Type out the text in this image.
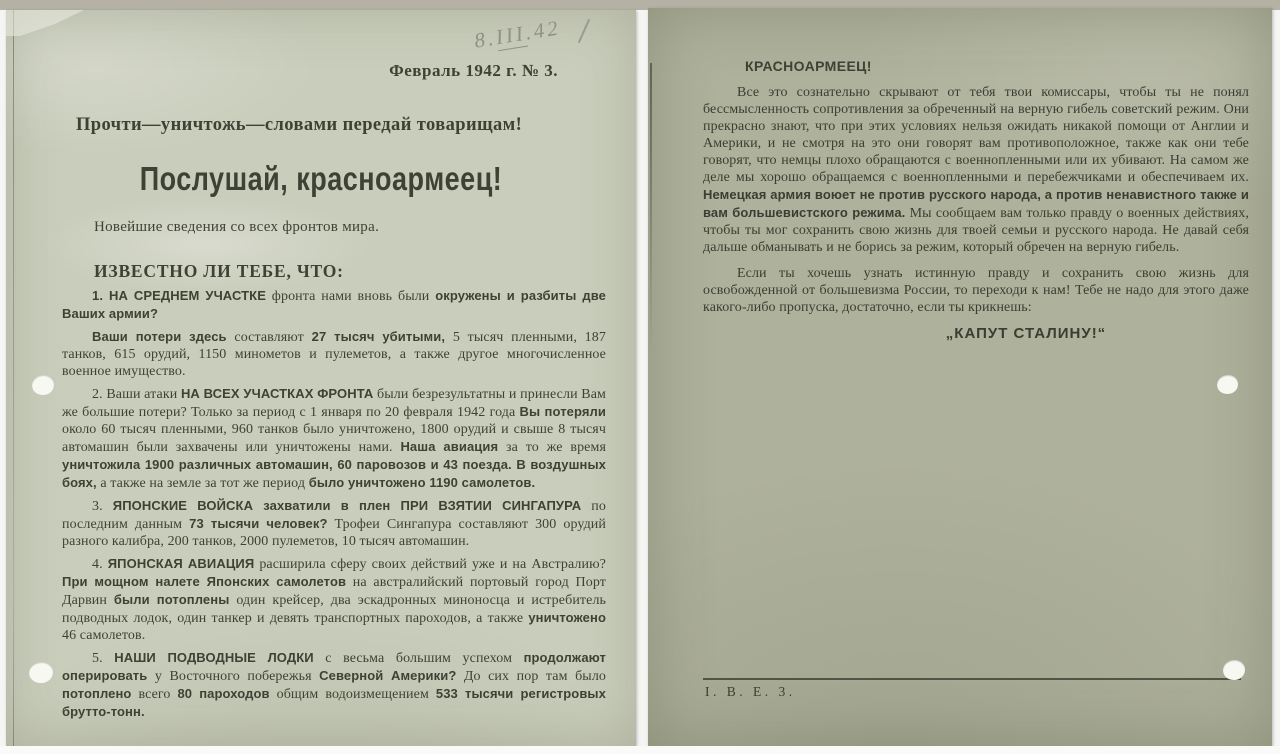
8.III.42
Февраль 1942 г. № 3.
Прочти—уничтожь—словами передай товарищам!
Послушай, красноармеец!
Новейшие сведения со всех фронтов мира.
ИЗВЕСТНО ЛИ ТЕБЕ, ЧТО:

1. НА СРЕДНЕМ УЧАСТКЕ фронта нами вновь были окружены и разбиты две Ваших армии?

Ваши потери здесь составляют 27 тысяч убитыми, 5 тысяч пленными, 187 танков, 615 орудий, 1150 минометов и пулеметов, а также другое многочисленное военное имущество.

2. Ваши атаки НА ВСЕХ УЧАСТКАХ ФРОНТА были безрезультатны и принесли Вам же большие потери? Только за период с 1 января по 20 февраля 1942 года Вы потеряли около 60 тысяч пленными, 960 танков было уничтожено, 1800 орудий и свыше 8 тысяч автомашин были захвачены или уничтожены нами. Наша авиация за то же время уничтожила 1900 различных автомашин, 60 паровозов и 43 поезда. В воздушных боях, а также на земле за тот же период было уничтожено 1190 самолетов.

3. ЯПОНСКИЕ ВОЙСКА захватили в плен ПРИ ВЗЯТИИ СИНГАПУРА по последним данным 73 тысячи человек? Трофеи Сингапура составляют 300 орудий разного калибра, 200 танков, 2000 пулеметов, 10 тысяч автомашин.

4. ЯПОНСКАЯ АВИАЦИЯ расширила сферу своих действий уже и на Австралию? При мощном налете Японских самолетов на австралийский портовый город Порт Дарвин были потоплены один крейсер, два эскадронных миноносца и истребитель подводных лодок, один танкер и девять транспортных пароходов, а также уничтожено 46 самолетов.

5. НАШИ ПОДВОДНЫЕ ЛОДКИ с весьма большим успехом продолжают оперировать у Восточного побережья Северной Америки? До сих пор там было потоплено всего 80 пароходов общим водоизмещением 533 тысячи регистровых брутто-тонн.

КРАСНОАРМЕЕЦ!

Все это сознательно скрывают от тебя твои комиссары, чтобы ты не понял бессмысленность сопротивления за обреченный на верную гибель советский режим. Они прекрасно знают, что при этих условиях нельзя ожидать никакой помощи от Англии и Америки, и не смотря на это они говорят вам противоположное, также как они тебе говорят, что немцы плохо обращаются с военнопленными или их убивают. На самом же деле мы хорошо обращаемся с военнопленными и перебежчиками и обеспечиваем их. Немецкая армия воюет не против русского народа, а против ненавистного также и вам большевистского режима. Мы сообщаем вам только правду о военных действиях, чтобы ты мог сохранить свою жизнь для твоей семьи и русского народа. Не давай себя дальше обманывать и не борись за режим, который обречен на верную гибель.

Если ты хочешь узнать истинную правду и сохранить свою жизнь для освобожденной от большевизма России, то переходи к нам! Тебе не надо для этого даже какого-либо пропуска, достаточно, если ты крикнешь:

„КАПУТ СТАЛИНУ!“

І. В. Е. 3.
